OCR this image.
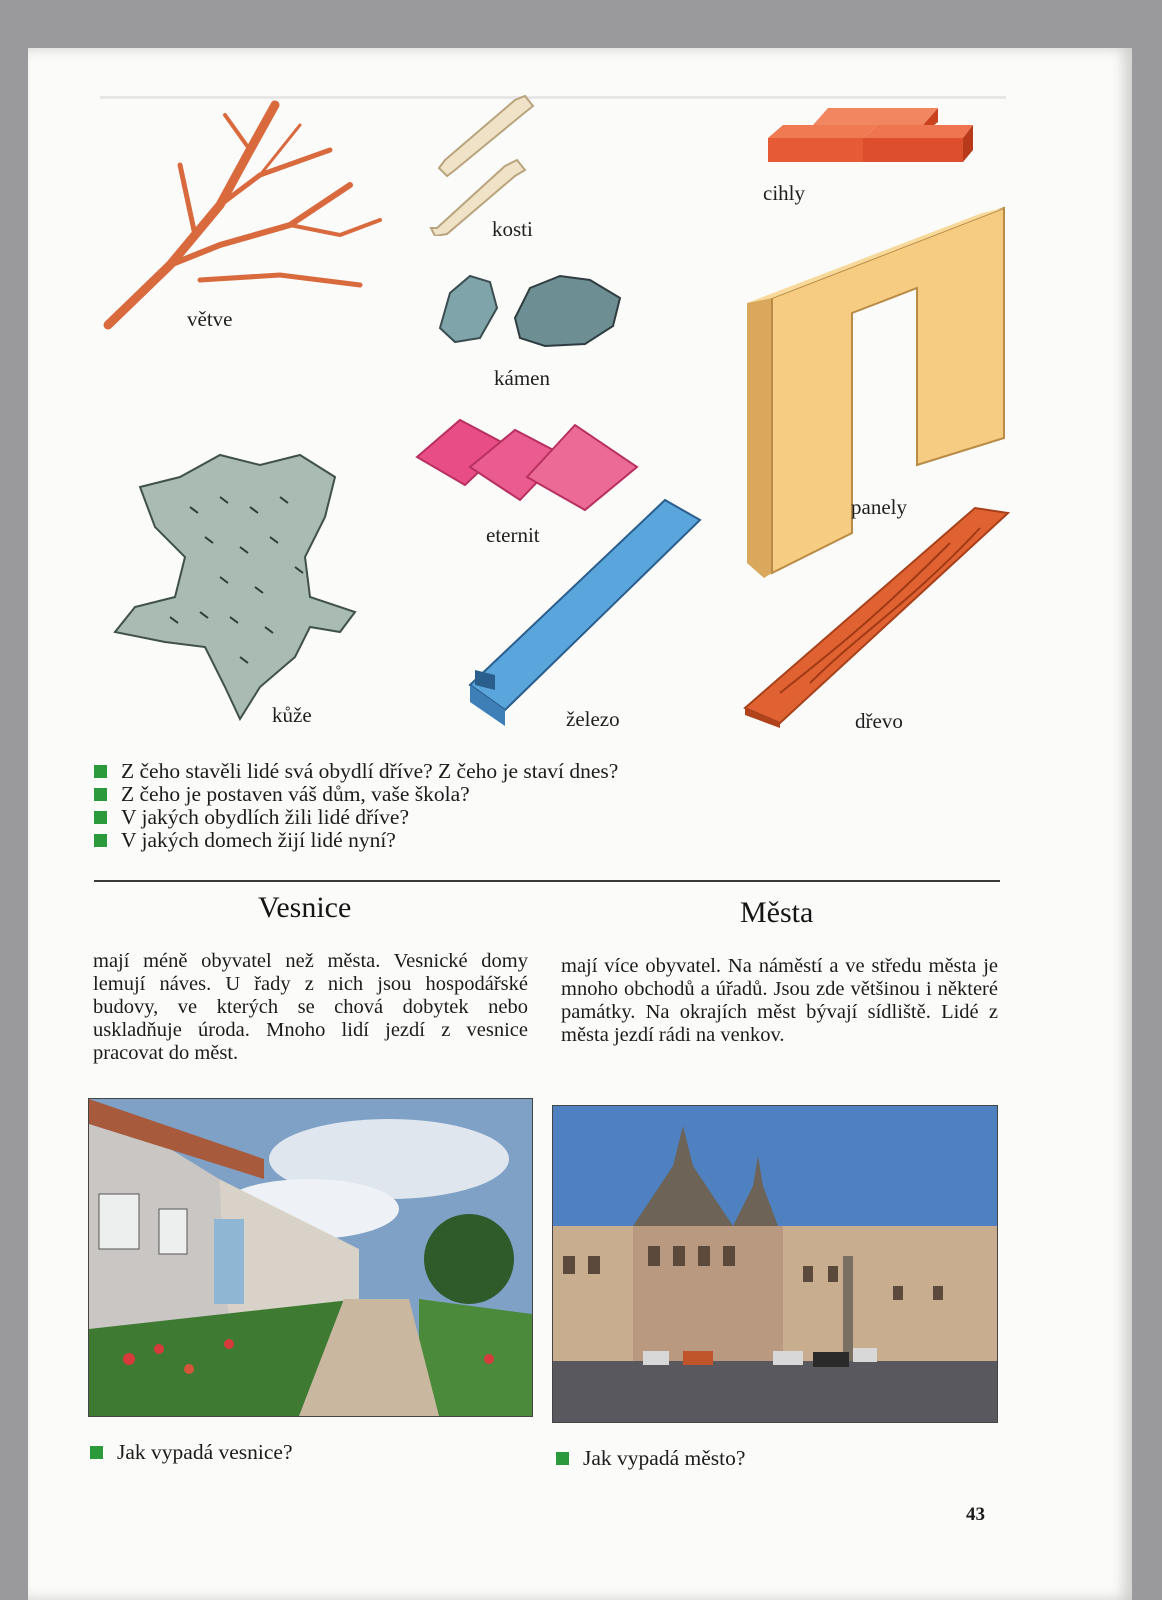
větve
kosti
cihly
kámen
eternit
panely
kůže	železo	dřevo
Z čeho stavěli lidé svá obydlí dříve? Z čeho je staví dnes?
Z čeho je postaven váš dům, vaše škola?
V jakých obydlích žili lidé dříve?
V jakých domech žijí lidé nyní?
Vesnice	Města
mají méně obyvatel než města. Vesnické domy lemují náves. U řady z nich jsou hospodářské budovy, ve kterých se chová dobytek nebo uskladňuje úroda. Mnoho lidí jezdí z vesnice pracovat do měst.
mají více obyvatel. Na náměstí a ve středu města je mnoho obchodů a úřadů. Jsou zde většinou i některé památky. Na okrajích měst bývají sídliště. Lidé z města jezdí rádi na venkov.
Jak vypadá vesnice?	Jak vypadá město?
43
